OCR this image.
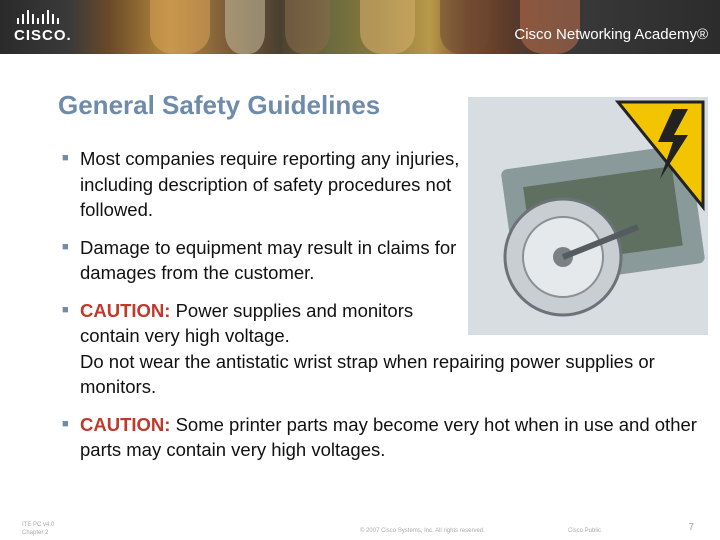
CISCO.	Cisco Networking Academy®
General Safety Guidelines
■ Most companies require reporting any injuries, including description of safety procedures not followed.
■ Damage to equipment may result in claims for damages from the customer.
■ CAUTION: Power supplies and monitors contain very high voltage.
Do not wear the antistatic wrist strap when repairing power supplies or monitors.
■ CAUTION: Some printer parts may become very hot when in use and other parts may contain very high voltages.
ITE PC v4.0
Chapter 2	© 2007 Cisco Systems, Inc. All rights reserved.	Cisco Public	7
